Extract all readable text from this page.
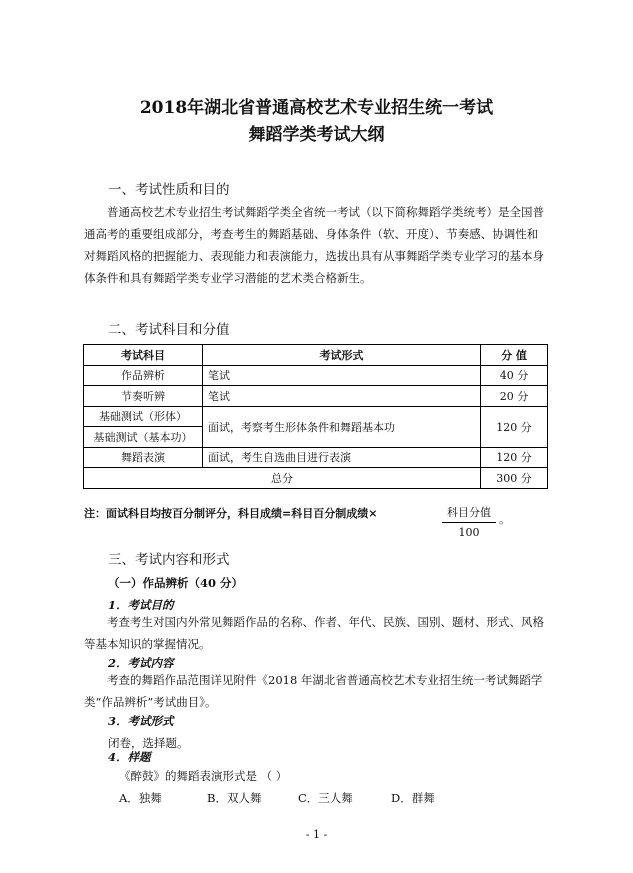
2018年湖北省普通高校艺术专业招生统一考试
舞蹈学类考试大纲
一、考试性质和目的

普通高校艺术专业招生考试舞蹈学类全省统一考试（以下简称舞蹈学类统考）是全国普通高考的重要组成部分，考查考生的舞蹈基础、身体条件（软、开度）、节奏感、协调性和对舞蹈风格的把握能力、表现能力和表演能力，选拔出具有从事舞蹈学类专业学习的基本身体条件和具有舞蹈学类专业学习潜能的艺术类合格新生。

二、考试科目和分值
考试科目	考试形式	分 值
作品辨析	笔试	40 分
节奏听辨	笔试	20 分
基础测试（形体）	面试，考察考生形体条件和舞蹈基本功	120 分
基础测试（基本功）		
舞蹈表演	面试，考生自选曲目进行表演	120 分
总分		300 分
注：面试科目均按百分制评分，科目成绩=科目百分制成绩×	科目分值
100
。
三、考试内容和形式
（一）作品辨析（40 分）
1．考试目的

考查考生对国内外常见舞蹈作品的名称、作者、年代、民族、国别、题材、形式、风格等基本知识的掌握情况。

2．考试内容

考查的舞蹈作品范围详见附件《2018 年湖北省普通高校艺术专业招生统一考试舞蹈学类“作品辨析”考试曲目》。

3．考试形式
闭卷，选择题。
4．样题
《醉鼓》的舞蹈表演形式是 （ ）
A．独舞	B．双人舞	C．三人舞	D．群舞
- 1 -
